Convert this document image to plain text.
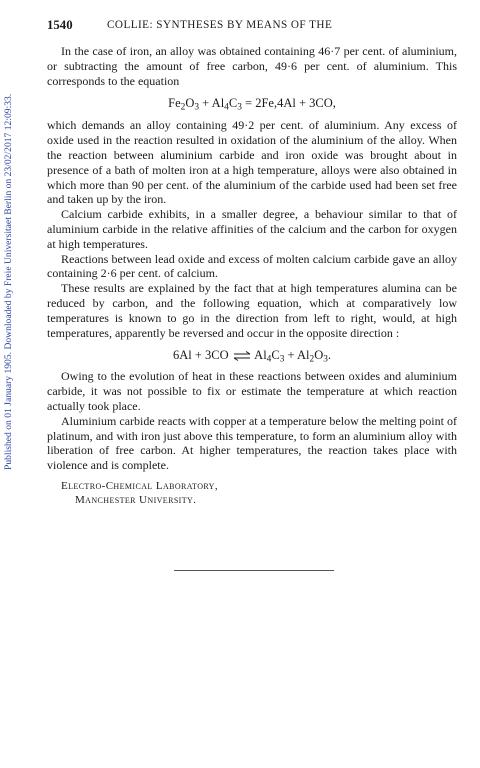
Published on 01 January 1905. Downloaded by Freie Universitaet Berlin on 23/02/2017 12:09:33.
1540	COLLIE: SYNTHESES BY MEANS OF THE

In the case of iron, an alloy was obtained containing 46·7 per cent. of aluminium, or subtracting the amount of free carbon, 49·6 per cent. of aluminium. This corresponds to the equation

$Fe_2O_3 + Al_4C_3 = 2Fe,4Al + 3CO$,

which demands an alloy containing 49·2 per cent. of aluminium. Any excess of oxide used in the reaction resulted in oxidation of the aluminium of the alloy. When the reaction between aluminium carbide and iron oxide was brought about in presence of a bath of molten iron at a high temperature, alloys were also obtained in which more than 90 per cent. of the aluminium of the carbide used had been set free and taken up by the iron.

Calcium carbide exhibits, in a smaller degree, a behaviour similar to that of aluminium carbide in the relative affinities of the calcium and the carbon for oxygen at high temperatures.

Reactions between lead oxide and excess of molten calcium carbide gave an alloy containing 2·6 per cent. of calcium.

These results are explained by the fact that at high temperatures alumina can be reduced by carbon, and the following equation, which at comparatively low temperatures is known to go in the direction from left to right, would, at high temperatures, apparently be reversed and occur in the opposite direction :

6Al + 3CO ⇌ $Al_4C_3 + Al_2O_3$.

Owing to the evolution of heat in these reactions between oxides and aluminium carbide, it was not possible to fix or estimate the temperature at which reaction actually took place.

Aluminium carbide reacts with copper at a temperature below the melting point of platinum, and with iron just above this temperature, to form an aluminium alloy with liberation of free carbon. At higher temperatures, the reaction takes place with violence and is complete.

Electro-Chemical Laboratory,
Manchester University.
